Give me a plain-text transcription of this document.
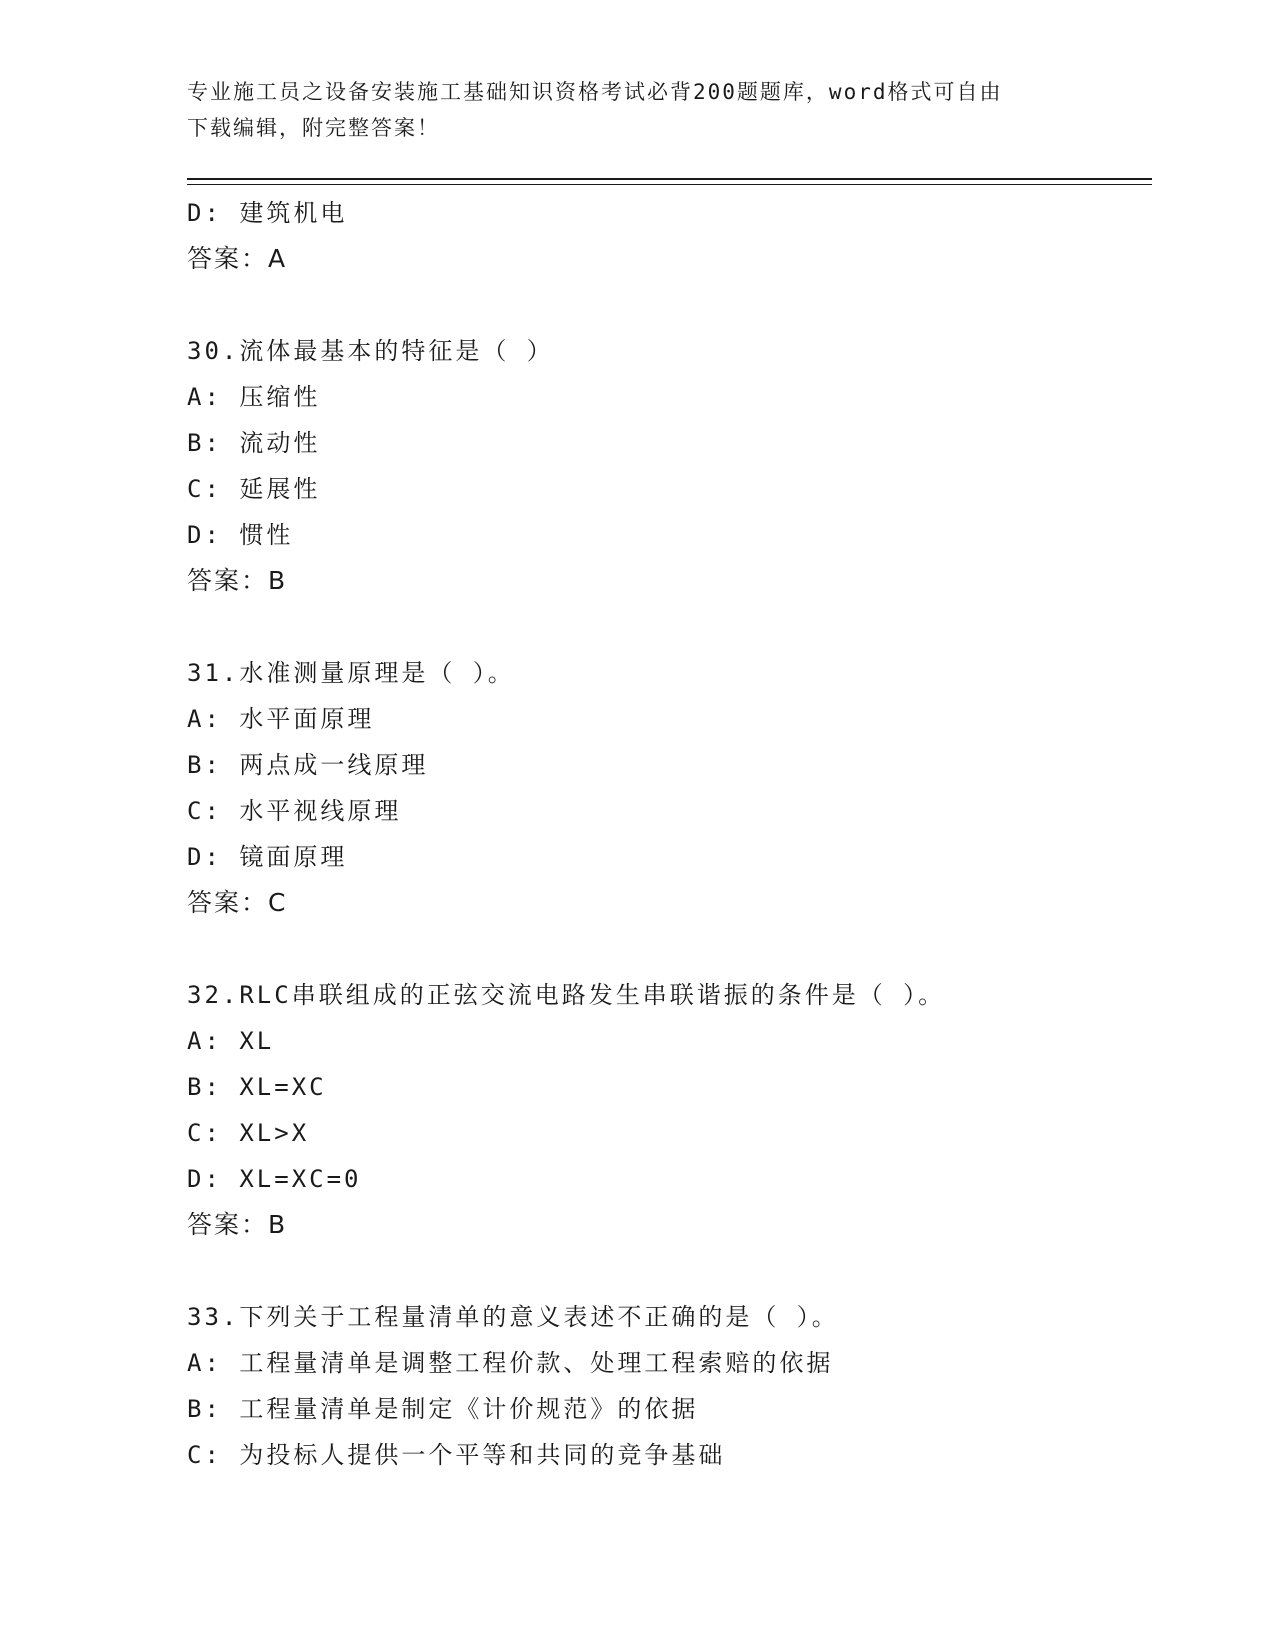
专业施工员之设备安装施工基础知识资格考试必背200题题库，word格式可自由
下载编辑，附完整答案！
D: 建筑机电
答案：A
30.流体最基本的特征是（ ）
A: 压缩性
B: 流动性
C: 延展性
D: 惯性
答案：B
31.水准测量原理是（ ）。
A: 水平面原理
B: 两点成一线原理
C: 水平视线原理
D: 镜面原理
答案：C
32.RLC串联组成的正弦交流电路发生串联谐振的条件是（ ）。
A: XL
B: XL=XC
C: XL>X
D: XL=XC=0
答案：B
33.下列关于工程量清单的意义表述不正确的是（ ）。
A: 工程量清单是调整工程价款、处理工程索赔的依据
B: 工程量清单是制定《计价规范》的依据
C: 为投标人提供一个平等和共同的竞争基础
